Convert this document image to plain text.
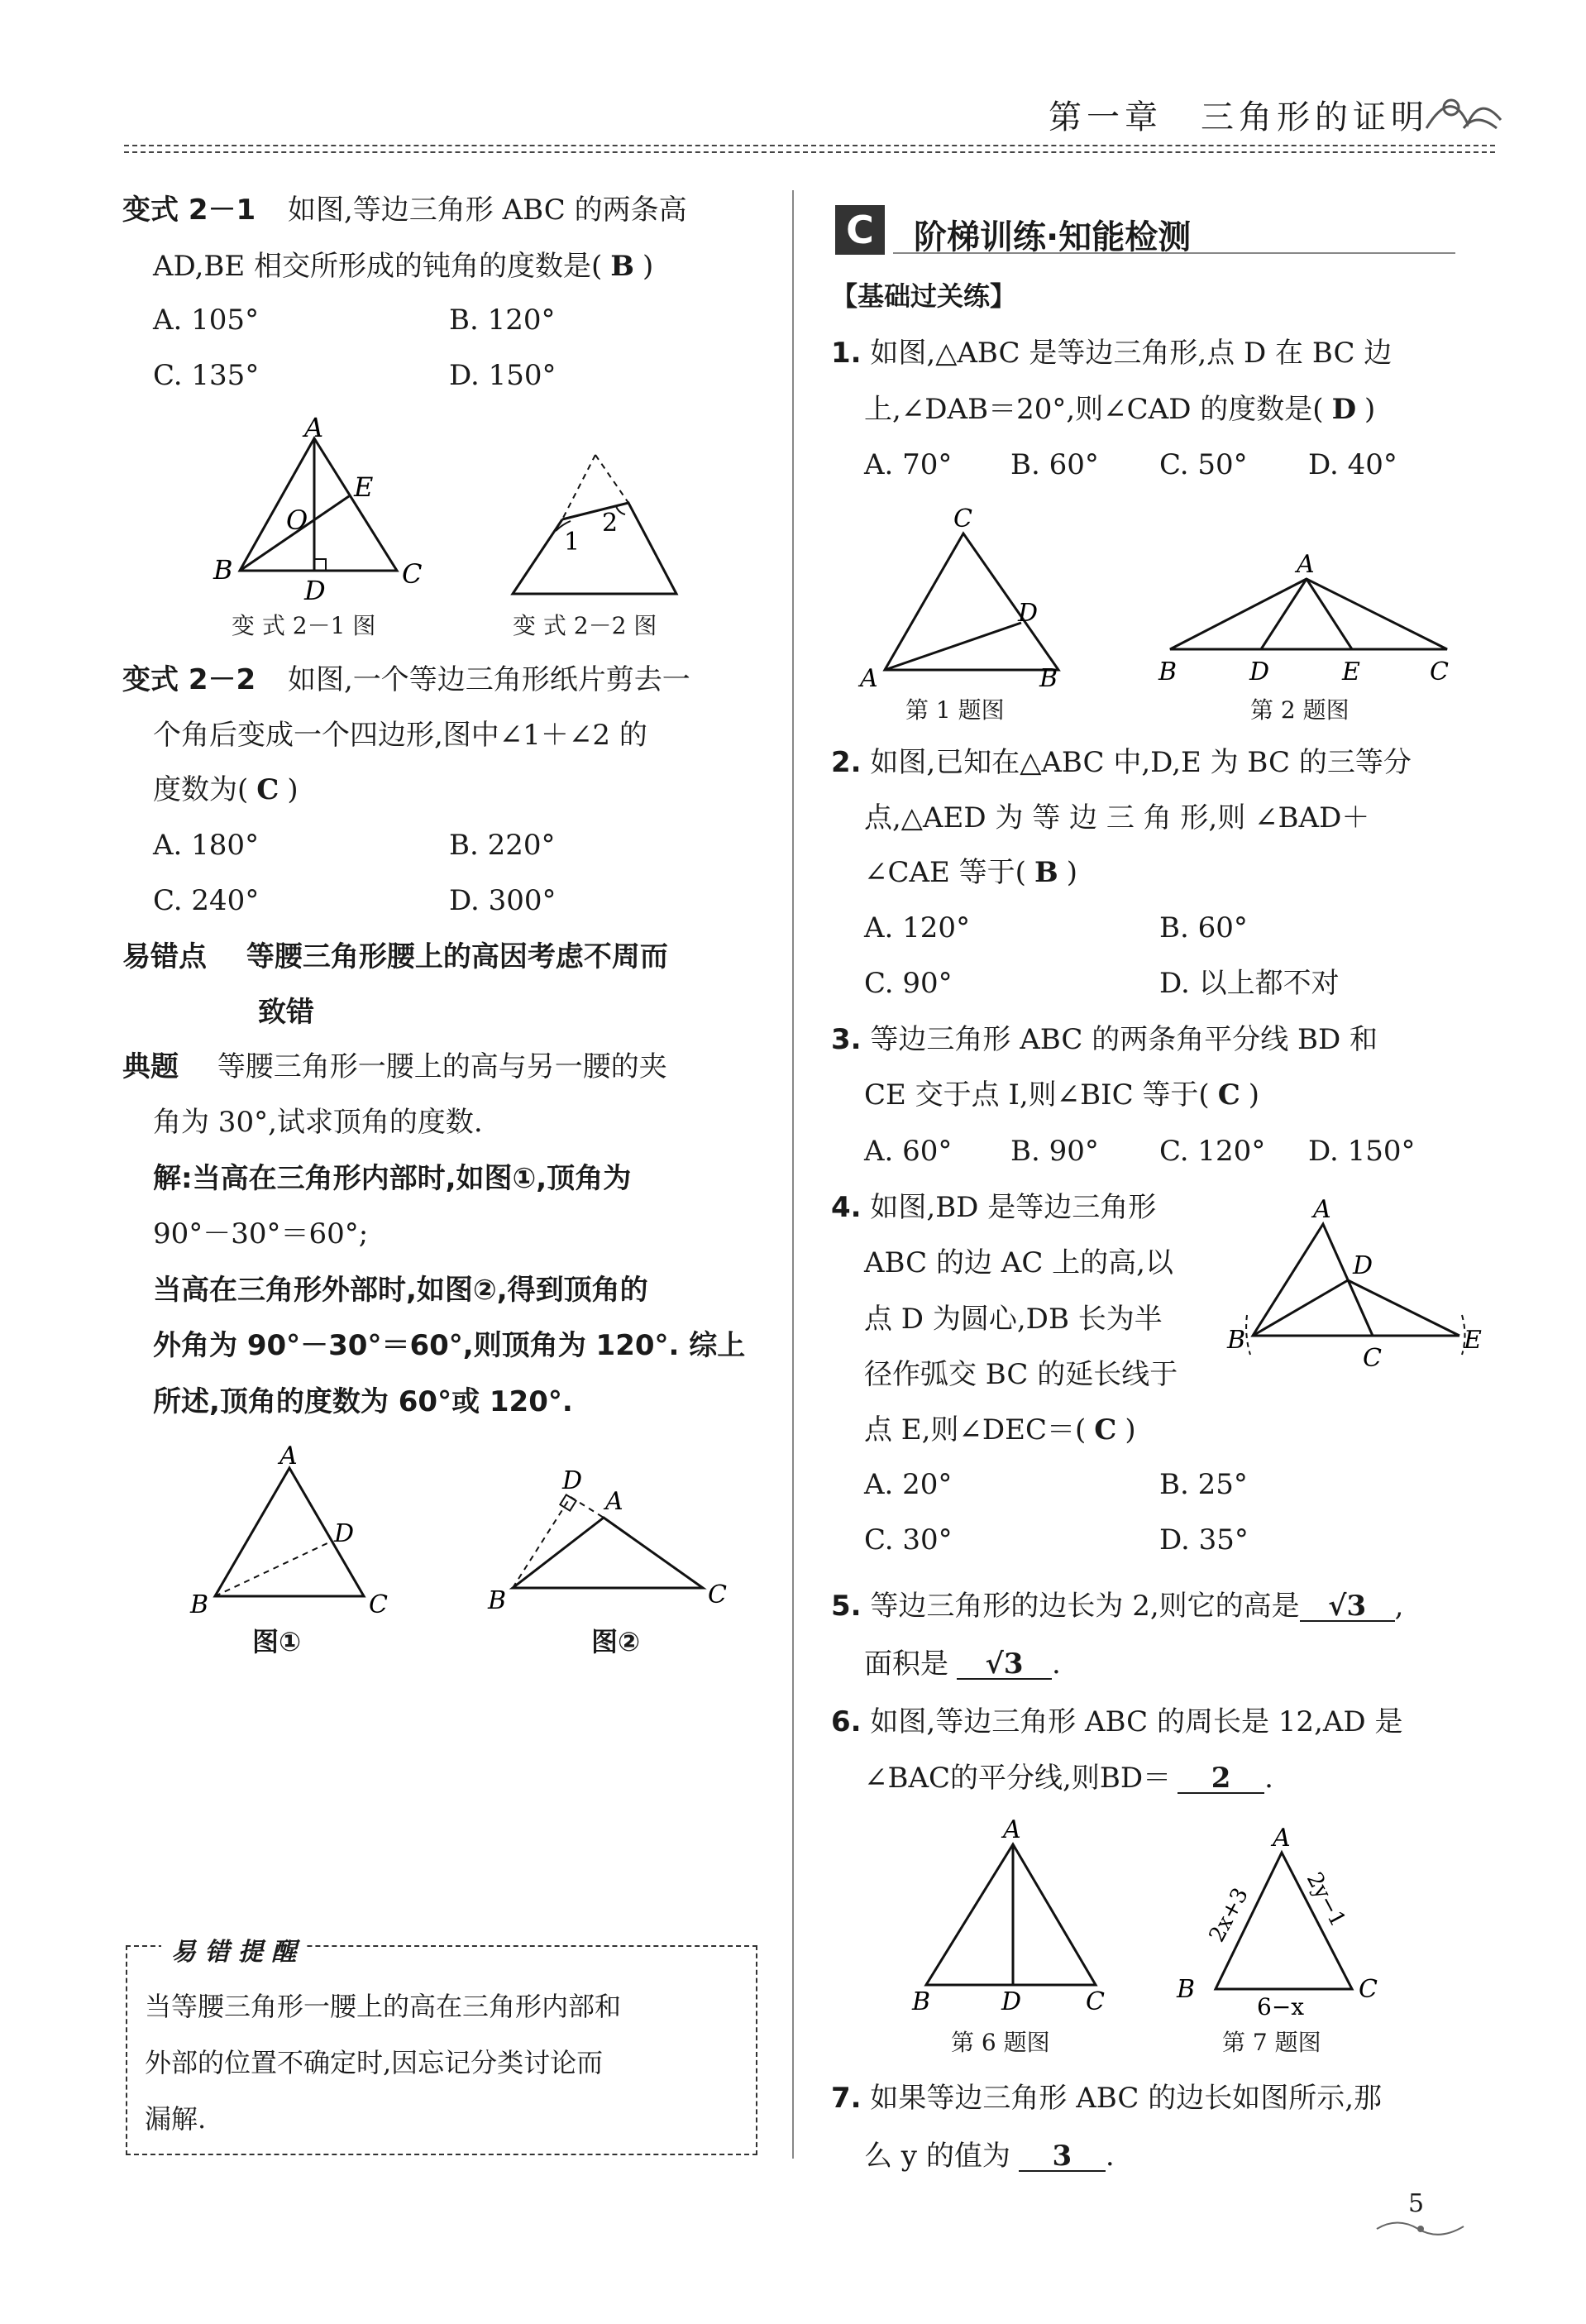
第一章　三角形的证明
变式 2－1 如图,等边三角形 ABC 的两条高
AD,BE 相交所形成的钝角的度数是( B )
A. 105°	B. 120°
C. 135°	D. 150°
A
B	C
D
E
O
变 式 2－1 图
1
2
变 式 2－2 图
变式 2－2 如图,一个等边三角形纸片剪去一
个角后变成一个四边形,图中∠1＋∠2 的
度数为( C )
A. 180°	B. 220°
C. 240°	D. 300°
易错点 等腰三角形腰上的高因考虑不周而
致错
典题 等腰三角形一腰上的高与另一腰的夹
角为 30°,试求顶角的度数.
解:当高在三角形内部时,如图①,顶角为
90°－30°＝60°;
当高在三角形外部时,如图②,得到顶角的
外角为 90°－30°＝60°,则顶角为 120°. 综上
所述,顶角的度数为 60°或 120°.
A
B	C
D
图①
D
A
B	C
图②
易 错 提 醒
当等腰三角形一腰上的高在三角形内部和
外部的位置不确定时,因忘记分类讨论而
漏解.
C	阶梯训练·知能检测
【基础过关练】
1. 如图,△ABC 是等边三角形,点 D 在 BC 边
上,∠DAB＝20°,则∠CAD 的度数是( D )
A. 70° B. 60° C. 50° D. 40°
C
A	B
D
第 1 题图
A
B	D	E	C
第 2 题图
2. 如图,已知在△ABC 中,D,E 为 BC 的三等分
点,△AED 为 等 边 三 角 形,则 ∠BAD＋
∠CAE 等于( B )
A. 120°	B. 60°
C. 90°	D. 以上都不对
3. 等边三角形 ABC 的两条角平分线 BD 和
CE 交于点 I,则∠BIC 等于( C )
A. 60° B. 90° C. 120° D. 150°
4. 如图,BD 是等边三角形
ABC 的边 AC 上的高,以
点 D 为圆心,DB 长为半
径作弧交 BC 的延长线于
点 E,则∠DEC＝( C )
A. 20°	B. 25°
C. 30°	D. 35°
A
B
C
D
E
5. 等边三角形的边长为 2,则它的高是 √3 ,
面积是 √3 .
6. 如图,等边三角形 ABC 的周长是 12,AD 是
∠BAC的平分线,则BD＝ 2 .
A
B	D	C
第 6 题图
A
B	C
2x+3 2y−1
6−x
第 7 题图
7. 如果等边三角形 ABC 的边长如图所示,那
么 y 的值为 3 .
5
